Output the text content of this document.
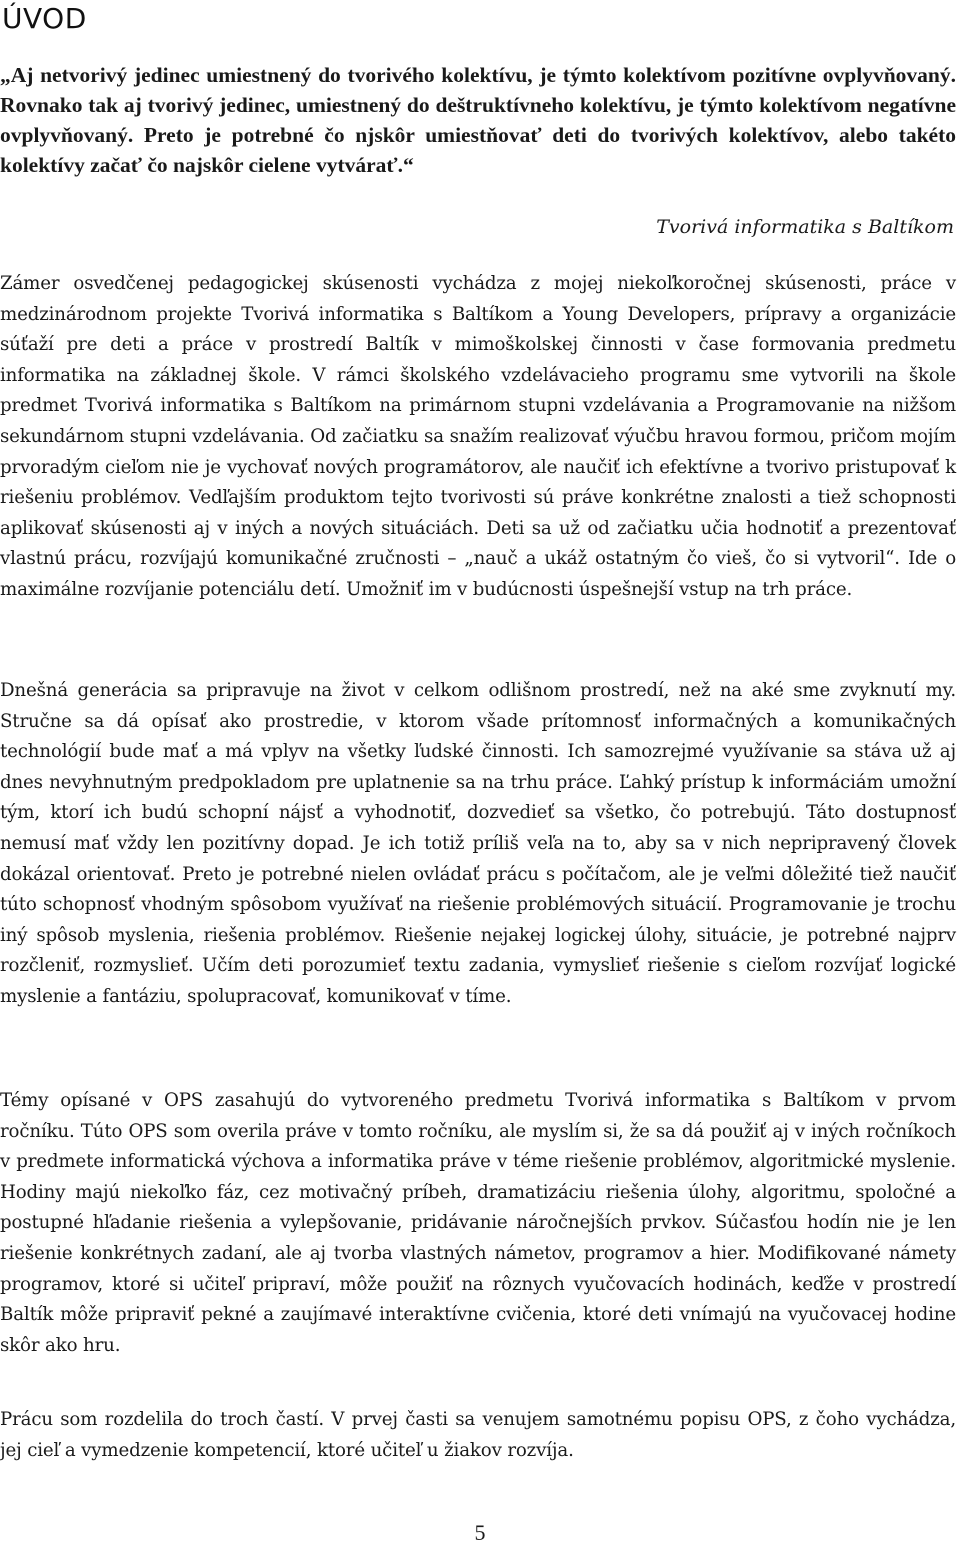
ÚVOD

„Aj netvorivý jedinec umiestnený do tvorivého kolektívu, je týmto kolektívom pozitívne ovplyvňovaný. Rovnako tak aj tvorivý jedinec, umiestnený do deštruktívneho kolektívu, je týmto kolektívom negatívne ovplyvňovaný. Preto je potrebné čo njskôr umiestňovať deti do tvorivých kolektívov, alebo takéto kolektívy začať čo najskôr cielene vytvárať.“

Tvorivá informatika s Baltíkom

Zámer osvedčenej pedagogickej skúsenosti vychádza z mojej niekoľkoročnej skúsenosti, práce v medzinárodnom projekte Tvorivá informatika s Baltíkom a Young Developers, prípravy a organizácie súťaží pre deti a práce v prostredí Baltík v mimoškolskej činnosti v čase formovania predmetu informatika na základnej škole. V rámci školského vzdelávacieho programu sme vytvorili na škole predmet Tvorivá informatika s Baltíkom na primárnom stupni vzdelávania a Programovanie na nižšom sekundárnom stupni vzdelávania. Od začiatku sa snažím realizovať výučbu hravou formou, pričom mojím prvoradým cieľom nie je vychovať nových programátorov, ale naučiť ich efektívne a tvorivo pristupovať k riešeniu problémov. Vedľajším produktom tejto tvorivosti sú práve konkrétne znalosti a tiež schopnosti aplikovať skúsenosti aj v iných a nových situáciách. Deti sa už od začiatku učia hodnotiť a prezentovať vlastnú prácu, rozvíjajú komunikačné zručnosti – „nauč a ukáž ostatným čo vieš, čo si vytvoril“. Ide o maximálne rozvíjanie potenciálu detí. Umožniť im v budúcnosti úspešnejší vstup na trh práce.

Dnešná generácia sa pripravuje na život v celkom odlišnom prostredí, než na aké sme zvyknutí my. Stručne sa dá opísať ako prostredie, v ktorom všade prítomnosť informačných a komunikačných technológií bude mať a má vplyv na všetky ľudské činnosti. Ich samozrejmé využívanie sa stáva už aj dnes nevyhnutným predpokladom pre uplatnenie sa na trhu práce. Ľahký prístup k informáciám umožní tým, ktorí ich budú schopní nájsť a vyhodnotiť, dozvedieť sa všetko, čo potrebujú. Táto dostupnosť nemusí mať vždy len pozitívny dopad. Je ich totiž príliš veľa na to, aby sa v nich nepripravený človek dokázal orientovať. Preto je potrebné nielen ovládať prácu s počítačom, ale je veľmi dôležité tiež naučiť túto schopnosť vhodným spôsobom využívať na riešenie problémových situácií. Programovanie je trochu iný spôsob myslenia, riešenia problémov. Riešenie nejakej logickej úlohy, situácie, je potrebné najprv rozčleniť, rozmyslieť. Učím deti porozumieť textu zadania, vymyslieť riešenie s cieľom rozvíjať logické myslenie a fantáziu, spolupracovať, komunikovať v tíme.

Témy opísané v OPS zasahujú do vytvoreného predmetu Tvorivá informatika s Baltíkom v prvom ročníku. Túto OPS som overila práve v tomto ročníku, ale myslím si, že sa dá použiť aj v iných ročníkoch v predmete informatická výchova a informatika práve v téme riešenie problémov, algoritmické myslenie. Hodiny majú niekoľko fáz, cez motivačný príbeh, dramatizáciu riešenia úlohy, algoritmu, spoločné a postupné hľadanie riešenia a vylepšovanie, pridávanie náročnejších prvkov. Súčasťou hodín nie je len riešenie konkrétnych zadaní, ale aj tvorba vlastných námetov, programov a hier. Modifikované námety programov, ktoré si učiteľ pripraví, môže použiť na rôznych vyučovacích hodinách, keďže v prostredí Baltík môže pripraviť pekné a zaujímavé interaktívne cvičenia, ktoré deti vnímajú na vyučovacej hodine skôr ako hru.

Prácu som rozdelila do troch častí. V prvej časti sa venujem samotnému popisu OPS, z čoho vychádza, jej cieľ a vymedzenie kompetencií, ktoré učiteľ u žiakov rozvíja.

5
